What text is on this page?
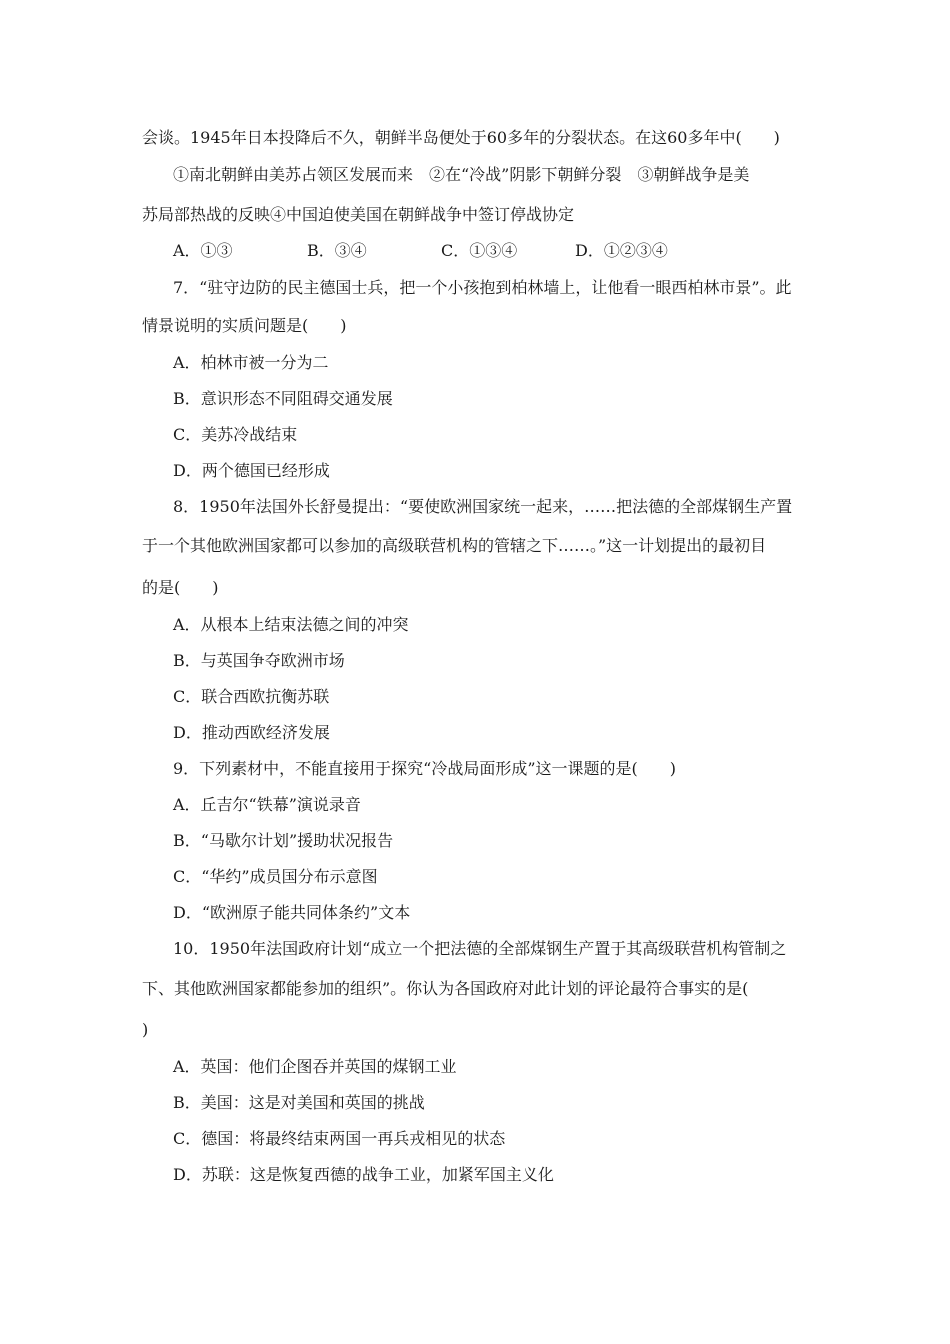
会谈。1945年日本投降后不久，朝鲜半岛便处于60多年的分裂状态。在这60多年中(　　)
①南北朝鲜由美苏占领区发展而来　②在“冷战”阴影下朝鲜分裂　③朝鲜战争是美
苏局部热战的反映④中国迫使美国在朝鲜战争中签订停战协定
A．①③	B．③④	C．①③④	D．①②③④
7．“驻守边防的民主德国士兵，把一个小孩抱到柏林墙上，让他看一眼西柏林市景”。此
情景说明的实质问题是(　　)
A．柏林市被一分为二
B．意识形态不同阻碍交通发展
C．美苏冷战结束
D．两个德国已经形成
8．1950年法国外长舒曼提出：“要使欧洲国家统一起来，……把法德的全部煤钢生产置
于一个其他欧洲国家都可以参加的高级联营机构的管辖之下……。”这一计划提出的最初目
的是(　　)
A．从根本上结束法德之间的冲突
B．与英国争夺欧洲市场
C．联合西欧抗衡苏联
D．推动西欧经济发展
9．下列素材中，不能直接用于探究“冷战局面形成”这一课题的是(　　)
A．丘吉尔“铁幕”演说录音
B．“马歇尔计划”援助状况报告
C．“华约”成员国分布示意图
D．“欧洲原子能共同体条约”文本
10．1950年法国政府计划“成立一个把法德的全部煤钢生产置于其高级联营机构管制之
下、其他欧洲国家都能参加的组织”。你认为各国政府对此计划的评论最符合事实的是(
)
A．英国：他们企图吞并英国的煤钢工业
B．美国：这是对美国和英国的挑战
C．德国：将最终结束两国一再兵戎相见的状态
D．苏联：这是恢复西德的战争工业，加紧军国主义化
